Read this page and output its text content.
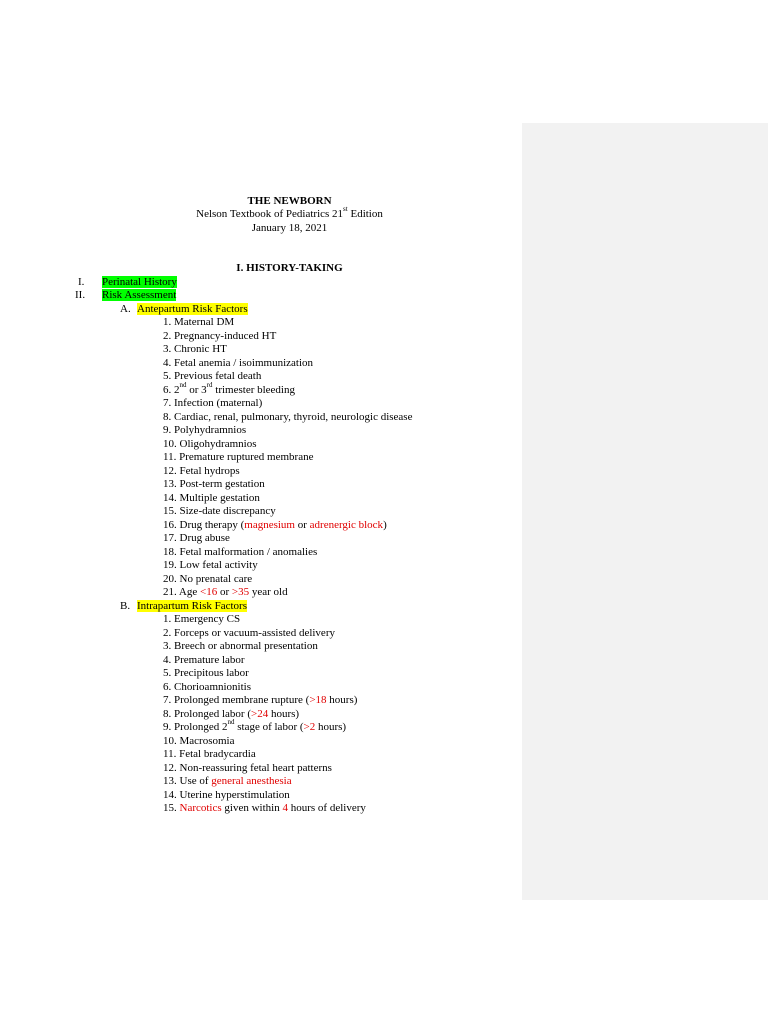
THE NEWBORN
Nelson Textbook of Pediatrics 21st Edition
January 18, 2021
I. HISTORY-TAKING
I. Perinatal History
II. Risk Assessment
A. Antepartum Risk Factors
1. Maternal DM
2. Pregnancy-induced HT
3. Chronic HT
4. Fetal anemia / isoimmunization
5. Previous fetal death
6. 2nd or 3rd trimester bleeding
7. Infection (maternal)
8. Cardiac, renal, pulmonary, thyroid, neurologic disease
9. Polyhydramnios
10. Oligohydramnios
11. Premature ruptured membrane
12. Fetal hydrops
13. Post-term gestation
14. Multiple gestation
15. Size-date discrepancy
16. Drug therapy (magnesium or adrenergic block)
17. Drug abuse
18. Fetal malformation / anomalies
19. Low fetal activity
20. No prenatal care
21. Age <16 or >35 year old
B. Intrapartum Risk Factors
1. Emergency CS
2. Forceps or vacuum-assisted delivery
3. Breech or abnormal presentation
4. Premature labor
5. Precipitous labor
6. Chorioamnionitis
7. Prolonged membrane rupture (>18 hours)
8. Prolonged labor (>24 hours)
9. Prolonged 2nd stage of labor (>2 hours)
10. Macrosomia
11. Fetal bradycardia
12. Non-reassuring fetal heart patterns
13. Use of general anesthesia
14. Uterine hyperstimulation
15. Narcotics given within 4 hours of delivery
